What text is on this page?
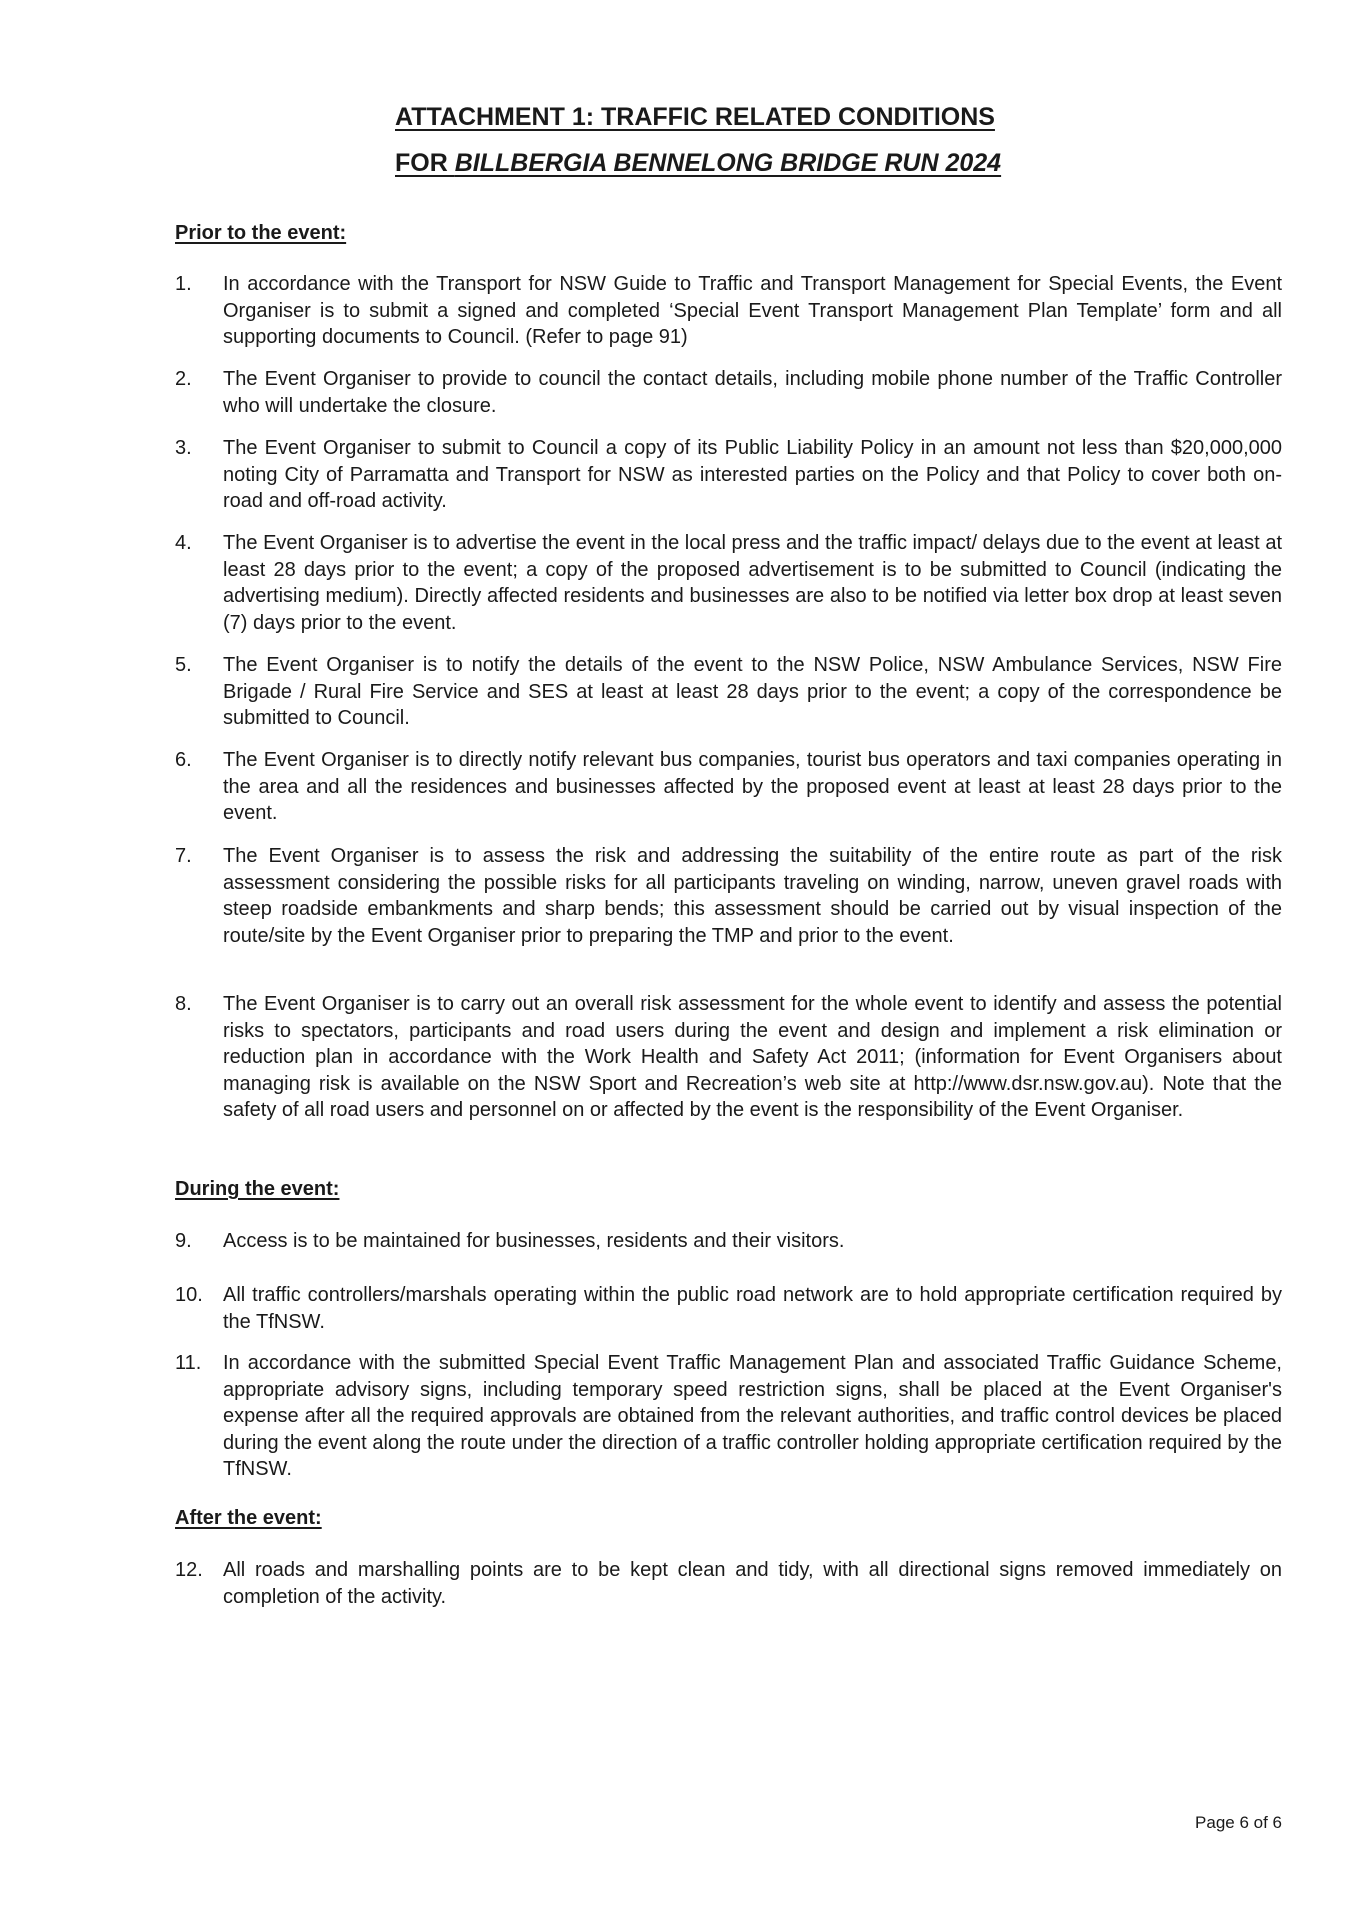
ATTACHMENT 1: TRAFFIC RELATED CONDITIONS
FOR BILLBERGIA BENNELONG BRIDGE RUN 2024
Prior to the event:
1.	In accordance with the Transport for NSW Guide to Traffic and Transport Management for Special Events, the Event Organiser is to submit a signed and completed ‘Special Event Transport Management Plan Template’ form and all supporting documents to Council. (Refer to page 91)
2.	The Event Organiser to provide to council the contact details, including mobile phone number of the Traffic Controller who will undertake the closure.
3.	The Event Organiser to submit to Council a copy of its Public Liability Policy in an amount not less than $20,000,000 noting City of Parramatta and Transport for NSW as interested parties on the Policy and that Policy to cover both on-road and off-road activity.
4.	The Event Organiser is to advertise the event in the local press and the traffic impact/ delays due to the event at least at least 28 days prior to the event; a copy of the proposed advertisement is to be submitted to Council (indicating the advertising medium). Directly affected residents and businesses are also to be notified via letter box drop at least seven (7) days prior to the event.
5.	The Event Organiser is to notify the details of the event to the NSW Police, NSW Ambulance Services, NSW Fire Brigade / Rural Fire Service and SES at least at least 28 days prior to the event; a copy of the correspondence be submitted to Council.
6.	The Event Organiser is to directly notify relevant bus companies, tourist bus operators and taxi companies operating in the area and all the residences and businesses affected by the proposed event at least at least 28 days prior to the event.
7.	The Event Organiser is to assess the risk and addressing the suitability of the entire route as part of the risk assessment considering the possible risks for all participants traveling on winding, narrow, uneven gravel roads with steep roadside embankments and sharp bends; this assessment should be carried out by visual inspection of the route/site by the Event Organiser prior to preparing the TMP and prior to the event.
8.	The Event Organiser is to carry out an overall risk assessment for the whole event to identify and assess the potential risks to spectators, participants and road users during the event and design and implement a risk elimination or reduction plan in accordance with the Work Health and Safety Act 2011; (information for Event Organisers about managing risk is available on the NSW Sport and Recreation’s web site at http://www.dsr.nsw.gov.au). Note that the safety of all road users and personnel on or affected by the event is the responsibility of the Event Organiser.
During the event:
9.	Access is to be maintained for businesses, residents and their visitors.
10.	All traffic controllers/marshals operating within the public road network are to hold appropriate certification required by the TfNSW.
11.	In accordance with the submitted Special Event Traffic Management Plan and associated Traffic Guidance Scheme, appropriate advisory signs, including temporary speed restriction signs, shall be placed at the Event Organiser's expense after all the required approvals are obtained from the relevant authorities, and traffic control devices be placed during the event along the route under the direction of a traffic controller holding appropriate certification required by the TfNSW.
After the event:
12.	All roads and marshalling points are to be kept clean and tidy, with all directional signs removed immediately on completion of the activity.
Page 6 of 6
